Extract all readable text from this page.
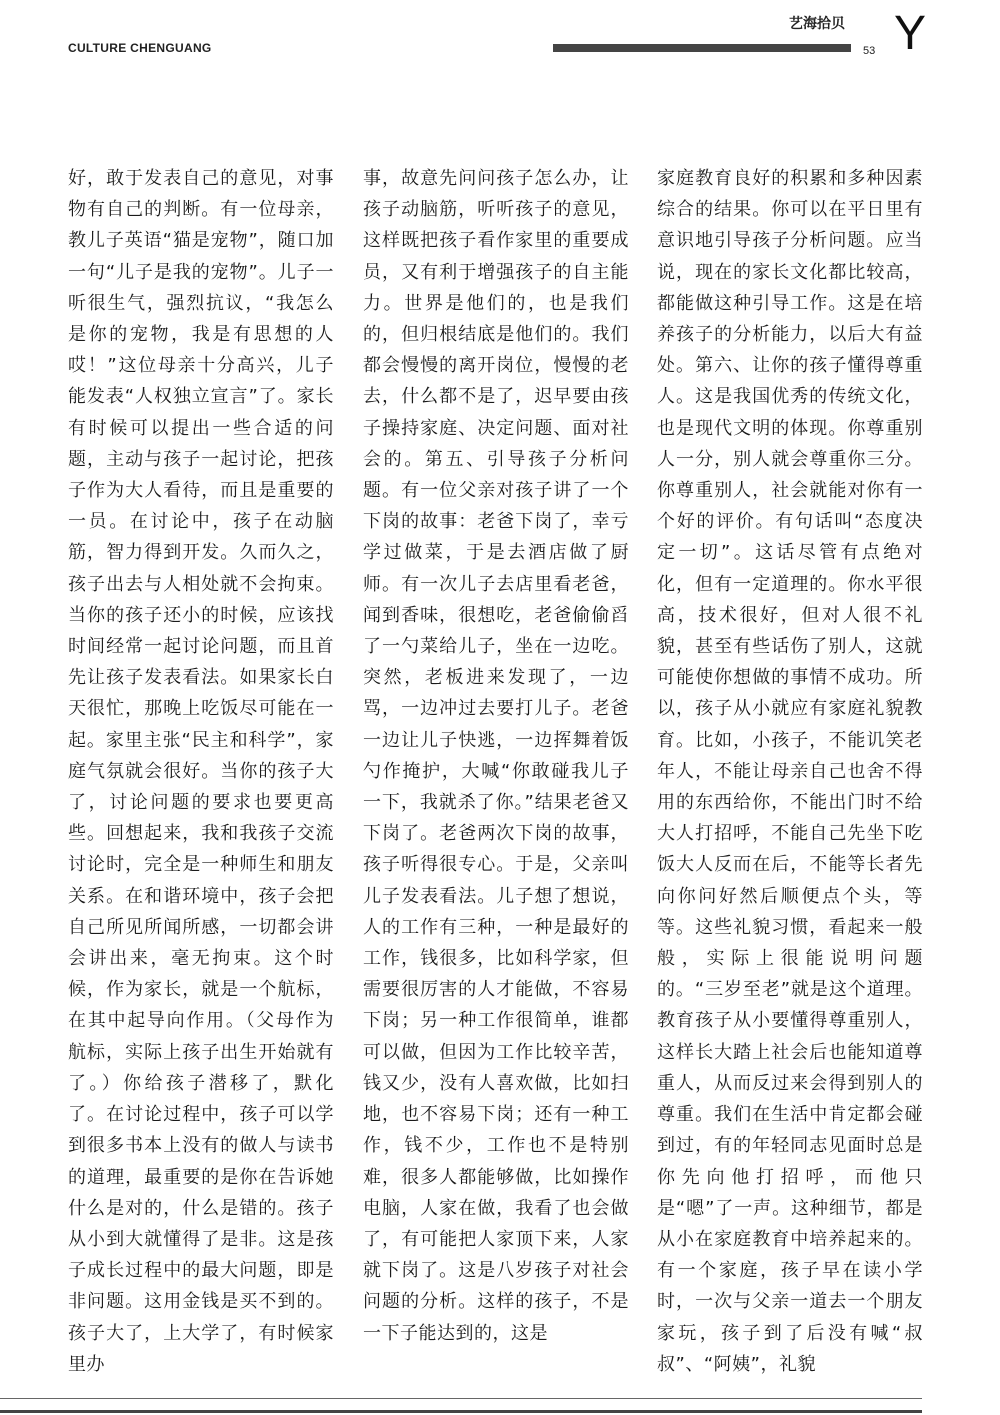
CULTURE CHENGUANG
艺海拾贝
53 Y
好，敢于发表自己的意见，对事物有自己的判断。有一位母亲，教儿子英语“猫是宠物”，随口加一句“儿子是我的宠物”。儿子一听很生气，强烈抗议，“我怎么是你的宠物，我是有思想的人哎！”这位母亲十分高兴，儿子能发表“人权独立宣言”了。家长有时候可以提出一些合适的问题，主动与孩子一起讨论，把孩子作为大人看待，而且是重要的一员。在讨论中，孩子在动脑筋，智力得到开发。久而久之，孩子出去与人相处就不会拘束。当你的孩子还小的时候，应该找时间经常一起讨论问题，而且首先让孩子发表看法。如果家长白天很忙，那晚上吃饭尽可能在一起。家里主张“民主和科学”，家庭气氛就会很好。当你的孩子大了，讨论问题的要求也要更高些。回想起来，我和我孩子交流讨论时，完全是一种师生和朋友关系。在和谐环境中，孩子会把自己所见所闻所感，一切都会讲会讲出来，毫无拘束。这个时候，作为家长，就是一个航标，在其中起导向作用。（父母作为航标，实际上孩子出生开始就有了。）你给孩子潜移了，默化了。在讨论过程中，孩子可以学到很多书本上没有的做人与读书的道理，最重要的是你在告诉她什么是对的，什么是错的。孩子从小到大就懂得了是非。这是孩子成长过程中的最大问题，即是非问题。这用金钱是买不到的。孩子大了，上大学了，有时候家里办
事，故意先问问孩子怎么办，让孩子动脑筋，听听孩子的意见，这样既把孩子看作家里的重要成员，又有利于增强孩子的自主能力。世界是他们的，也是我们的，但归根结底是他们的。我们都会慢慢的离开岗位，慢慢的老去，什么都不是了，迟早要由孩子操持家庭、决定问题、面对社会的。第五、引导孩子分析问题。有一位父亲对孩子讲了一个下岗的故事：老爸下岗了，幸亏学过做菜，于是去酒店做了厨师。有一次儿子去店里看老爸，闻到香味，很想吃，老爸偷偷舀了一勺菜给儿子，坐在一边吃。突然，老板进来发现了，一边骂，一边冲过去要打儿子。老爸一边让儿子快逃，一边挥舞着饭勺作掩护，大喊“你敢碰我儿子一下，我就杀了你。”结果老爸又下岗了。老爸两次下岗的故事，孩子听得很专心。于是，父亲叫儿子发表看法。儿子想了想说，人的工作有三种，一种是最好的工作，钱很多，比如科学家，但需要很厉害的人才能做，不容易下岗；另一种工作很简单，谁都可以做，但因为工作比较辛苦，钱又少，没有人喜欢做，比如扫地，也不容易下岗；还有一种工作，钱不少，工作也不是特别难，很多人都能够做，比如操作电脑，人家在做，我看了也会做了，有可能把人家顶下来，人家就下岗了。这是八岁孩子对社会问题的分析。这样的孩子，不是一下子能达到的，这是
家庭教育良好的积累和多种因素综合的结果。你可以在平日里有意识地引导孩子分析问题。应当说，现在的家长文化都比较高，都能做这种引导工作。这是在培养孩子的分析能力，以后大有益处。第六、让你的孩子懂得尊重人。这是我国优秀的传统文化，也是现代文明的体现。你尊重别人一分，别人就会尊重你三分。你尊重别人，社会就能对你有一个好的评价。有句话叫“态度决定一切”。这话尽管有点绝对化，但有一定道理的。你水平很高，技术很好，但对人很不礼貌，甚至有些话伤了别人，这就可能使你想做的事情不成功。所以，孩子从小就应有家庭礼貌教育。比如，小孩子，不能讥笑老年人，不能让母亲自己也舍不得用的东西给你，不能出门时不给大人打招呼，不能自己先坐下吃饭大人反而在后，不能等长者先向你问好然后顺便点个头，等等。这些礼貌习惯，看起来一般般，实际上很能说明问题的。“三岁至老”就是这个道理。教育孩子从小要懂得尊重别人，这样长大踏上社会后也能知道尊重人，从而反过来会得到别人的尊重。我们在生活中肯定都会碰到过，有的年轻同志见面时总是你先向他打招呼，而他只是“嗯”了一声。这种细节，都是从小在家庭教育中培养起来的。有一个家庭，孩子早在读小学时，一次与父亲一道去一个朋友家玩，孩子到了后没有喊“叔叔”、“阿姨”，礼貌
